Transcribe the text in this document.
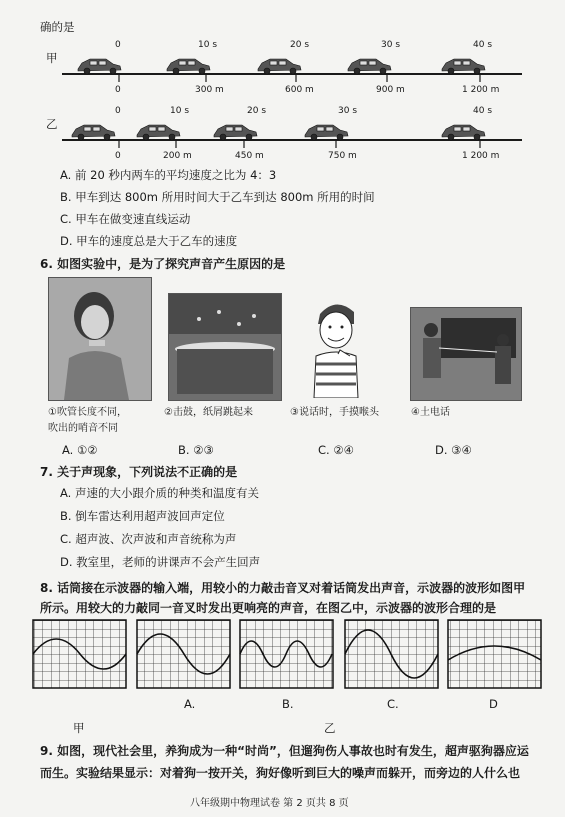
确的是
甲
乙
0	10 s	20 s	30 s	40 s
0	300 m	600 m	900 m	1 200 m
0	10 s	20 s	30 s	40 s
0	200 m	450 m	750 m	1 200 m
A. 前 20 秒内两车的平均速度之比为 4：3
B. 甲车到达 800m 所用时间大于乙车到达 800m 所用的时间
C. 甲车在做变速直线运动
D. 甲车的速度总是大于乙车的速度
6. 如图实验中，是为了探究声音产生原因的是
①吹管长度不同，
吹出的哨音不同
②击鼓，纸屑跳起来	③说话时，手摸喉头	④土电话
A. ①②	B. ②③	C. ②④	D. ③④
7. 关于声现象，下列说法不正确的是
A. 声速的大小跟介质的种类和温度有关
B. 倒车雷达利用超声波回声定位
C. 超声波、次声波和声音统称为声
D. 教室里，老师的讲课声不会产生回声
8. 话筒接在示波器的输入端，用较小的力敲击音叉对着话筒发出声音，示波器的波形如图甲
所示。用较大的力敲同一音叉时发出更响亮的声音，在图乙中，示波器的波形合理的是
A.	B.	C.	D
甲	乙
9. 如图，现代社会里，养狗成为一种“时尚”，但遛狗伤人事故也时有发生，超声驱狗器应运
而生。实验结果显示：对着狗一按开关，狗好像听到巨大的噪声而躲开，而旁边的人什么也
八年级期中物理试卷 第 2 页共 8 页
